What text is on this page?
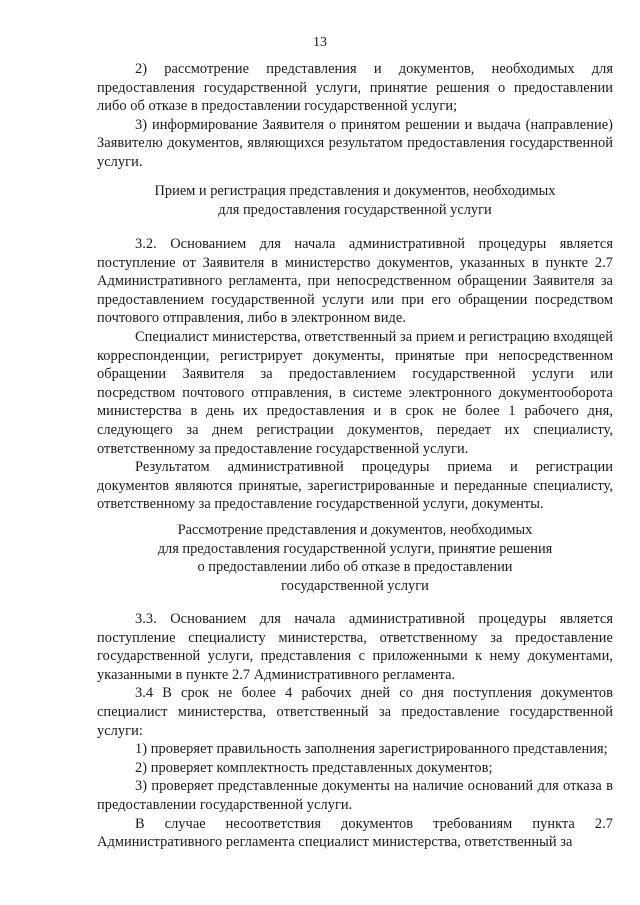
13

2) рассмотрение представления и документов, необходимых для предоставления государственной услуги, принятие решения о предоставлении либо об отказе в предоставлении государственной услуги;

3) информирование Заявителя о принятом решении и выдача (направление) Заявителю документов, являющихся результатом предоставления государственной услуги.

Прием и регистрация представления и документов, необходимых

для предоставления государственной услуги

3.2. Основанием для начала административной процедуры является поступление от Заявителя в министерство документов, указанных в пункте 2.7 Административного регламента, при непосредственном обращении Заявителя за предоставлением государственной услуги или при его обращении посредством почтового отправления, либо в электронном виде.

Специалист министерства, ответственный за прием и регистрацию входящей корреспонденции, регистрирует документы, принятые при непосредственном обращении Заявителя за предоставлением государственной услуги или посредством почтового отправления, в системе электронного документооборота министерства в день их предоставления и в срок не более 1 рабочего дня, следующего за днем регистрации документов, передает их специалисту, ответственному за предоставление государственной услуги.

Результатом административной процедуры приема и регистрации документов являются принятые, зарегистрированные и переданные специалисту, ответственному за предоставление государственной услуги, документы.

Рассмотрение представления и документов, необходимых

для предоставления государственной услуги, принятие решения

о предоставлении либо об отказе в предоставлении

государственной услуги

3.3. Основанием для начала административной процедуры является поступление специалисту министерства, ответственному за предоставление государственной услуги, представления с приложенными к нему документами, указанными в пункте 2.7 Административного регламента.

3.4 В срок не более 4 рабочих дней со дня поступления документов специалист министерства, ответственный за предоставление государственной услуги:

1) проверяет правильность заполнения зарегистрированного представления;

2) проверяет комплектность представленных документов;

3) проверяет представленные документы на наличие оснований для отказа в предоставлении государственной услуги.

В случае несоответствия документов требованиям пункта 2.7 Административного регламента специалист министерства, ответственный за
